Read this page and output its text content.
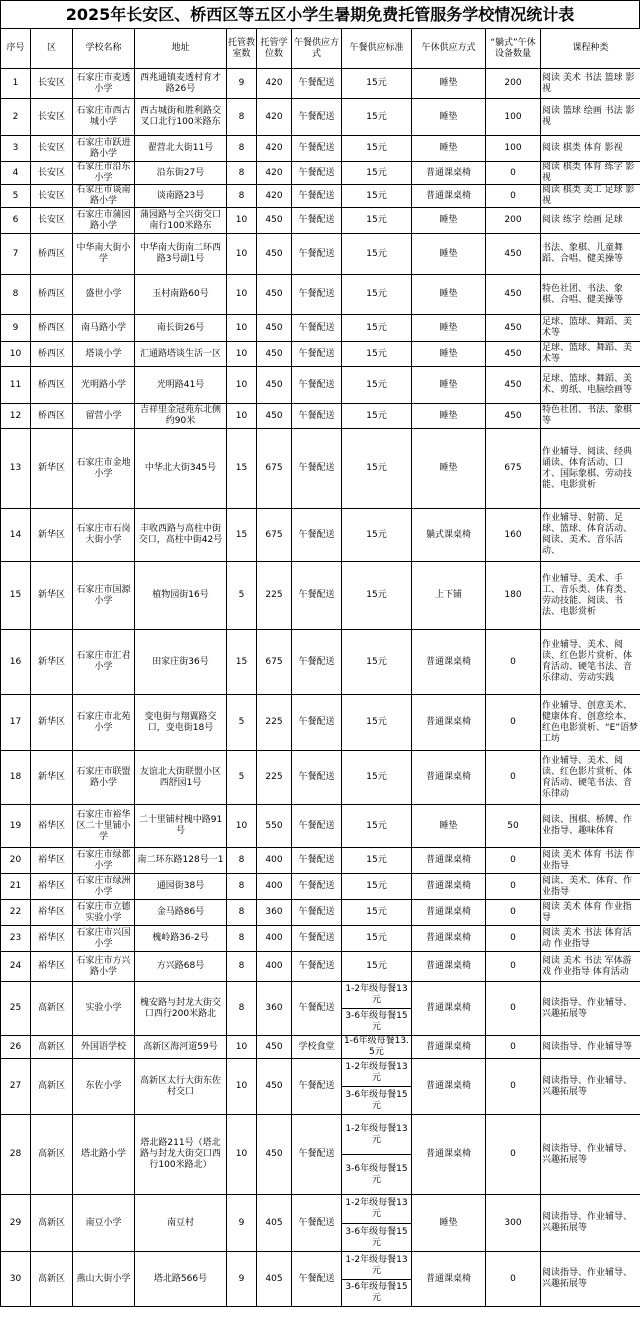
2025年长安区、桥西区等五区小学生暑期免费托管服务学校情况统计表
序号	区	学校名称	地址	托管教室数	托管学位数	午餐供应方式	午餐供应标准	午休供应方式	“躺式”午休设备数量	课程种类
1	长安区	石家庄市麦透小学	西兆通镇麦透村育才路26号	9	420	午餐配送	15元	睡垫	200	阅读 美术 书法 篮球 影视
2	长安区	石家庄市西古城小学	西古城街和胜利路交叉口北行100米路东	8	420	午餐配送	15元	睡垫	100	阅读 篮球 绘画 书法 影视
3	长安区	石家庄市跃进路小学	翟营北大街11号	8	420	午餐配送	15元	睡垫	100	阅读 棋类 体育 影视
4	长安区	石家庄市沿东小学	沿东街27号	8	420	午餐配送	15元	普通课桌椅	0	阅读 棋类 体育 练字 影视
5	长安区	石家庄市谈南路小学	谈南路23号	8	420	午餐配送	15元	普通课桌椅	0	阅读 棋类 美工 足球 影视
6	长安区	石家庄市蒲园路小学	蒲园路与全兴街交口南行100米路东	10	450	午餐配送	15元	睡垫	200	阅读 练字 绘画 足球
7	桥西区	中华南大街小学	中华南大街南二环西路3号副1号	10	450	午餐配送	15元	睡垫	450	书法、象棋、儿童舞蹈、合唱、健美操等
8	桥西区	盛世小学	玉村南路60号	10	450	午餐配送	15元	睡垫	450	特色社团、书法、象棋、合唱、健美操等
9	桥西区	南马路小学	南长街26号	10	450	午餐配送	15元	睡垫	450	足球、篮球、舞蹈、美术等
10	桥西区	塔谈小学	汇通路塔谈生活一区	10	450	午餐配送	15元	睡垫	450	足球、篮球、舞蹈、美术等
11	桥西区	光明路小学	光明路41号	10	450	午餐配送	15元	睡垫	450	足球、篮球、舞蹈、美术、剪纸、电脑绘画等
12	桥西区	留营小学	吉祥里金冠苑东北侧约90米	10	450	午餐配送	15元	睡垫	450	特色社团、书法、象棋等
13	新华区	石家庄市金地小学	中华北大街345号	15	675	午餐配送	15元	睡垫	675	作业辅导、阅读、经典诵读、体育活动、口才、国际象棋、劳动技能、电影赏析
14	新华区	石家庄市石岗大街小学	丰收西路与高柱中街交口，高柱中街42号	15	675	午餐配送	15元	躺式课桌椅	160	作业辅导、射箭、足球、篮球、体育活动、阅读、美术、音乐活动、
15	新华区	石家庄市国源小学	植物园街16号	5	225	午餐配送	15元	上下铺	180	作业辅导、美术、手工、音乐类、体育类、劳动技能、阅读、书法、电影赏析
16	新华区	石家庄市汇君小学	田家庄街36号	15	675	午餐配送	15元	普通课桌椅	0	作业辅导、美术、阅读、红色影片赏析、体育活动、硬笔书法、音乐律动、劳动实践
17	新华区	石家庄市北苑小学	变电街与翔翼路交口，变电街18号	5	225	午餐配送	15元	普通课桌椅	0	作业辅导、创意美术、健康体育、创意绘本、红色电影赏析、“E”语梦工坊
18	新华区	石家庄市联盟路小学	友谊北大街联盟小区西舒园1号	5	225	午餐配送	15元	普通课桌椅	0	作业辅导、美术、阅读、红色影片赏析、体育活动、硬笔书法、音乐律动
19	裕华区	石家庄市裕华区二十里铺小学	二十里铺村槐中路91号	10	550	午餐配送	15元	睡垫	50	阅读、围棋、桥牌、作业指导、趣味体育
20	裕华区	石家庄市绿都小学	南二环东路128号一1	8	400	午餐配送	15元	普通课桌椅	0	阅读 美术 体育 书法 作业指导
21	裕华区	石家庄市绿洲小学	通园街38号	8	400	午餐配送	15元	普通课桌椅	0	阅读、美术、体育、作业指导
22	裕华区	石家庄市立德实验小学	金马路86号	8	360	午餐配送	15元	普通课桌椅	0	阅读 美术 体育 作业指导
23	裕华区	石家庄市兴国小学	槐岭路36-2号	8	400	午餐配送	15元	普通课桌椅	0	阅读 美术 书法 体育活动 作业指导
24	裕华区	石家庄市方兴路小学	方兴路68号	8	400	午餐配送	15元	普通课桌椅	0	阅读 美术 书法 军体游戏 作业指导 体育活动
25	高新区	实验小学	槐安路与封龙大街交口西行200米路北	8	360	午餐配送	1-2年级每餐13元
3-6年级每餐15元	普通课桌椅	0	阅读指导、作业辅导、兴趣拓展等
26	高新区	外国语学校	高新区海河道59号	10	450	学校食堂	1-6年级每餐13.5元	普通课桌椅	0	阅读指导、作业辅导等
27	高新区	东佐小学	高新区太行大街东佐村交口	10	450	午餐配送	1-2年级每餐13元
3-6年级每餐15元	普通课桌椅	0	阅读指导、作业辅导、兴趣拓展等
28	高新区	塔北路小学	塔北路211号（塔北路与封龙大街交口西行100米路北）	10	450	午餐配送	1-2年级每餐13元
3-6年级每餐15元	普通课桌椅	0	阅读指导、作业辅导、兴趣拓展等
29	高新区	南豆小学	南豆村	9	405	午餐配送	1-2年级每餐13元
3-6年级每餐15元	睡垫	300	阅读指导、作业辅导、兴趣拓展等
30	高新区	燕山大街小学	塔北路566号	9	405	午餐配送	1-2年级每餐13元
3-6年级每餐15元	普通课桌椅	0	阅读指导、作业辅导、兴趣拓展等
